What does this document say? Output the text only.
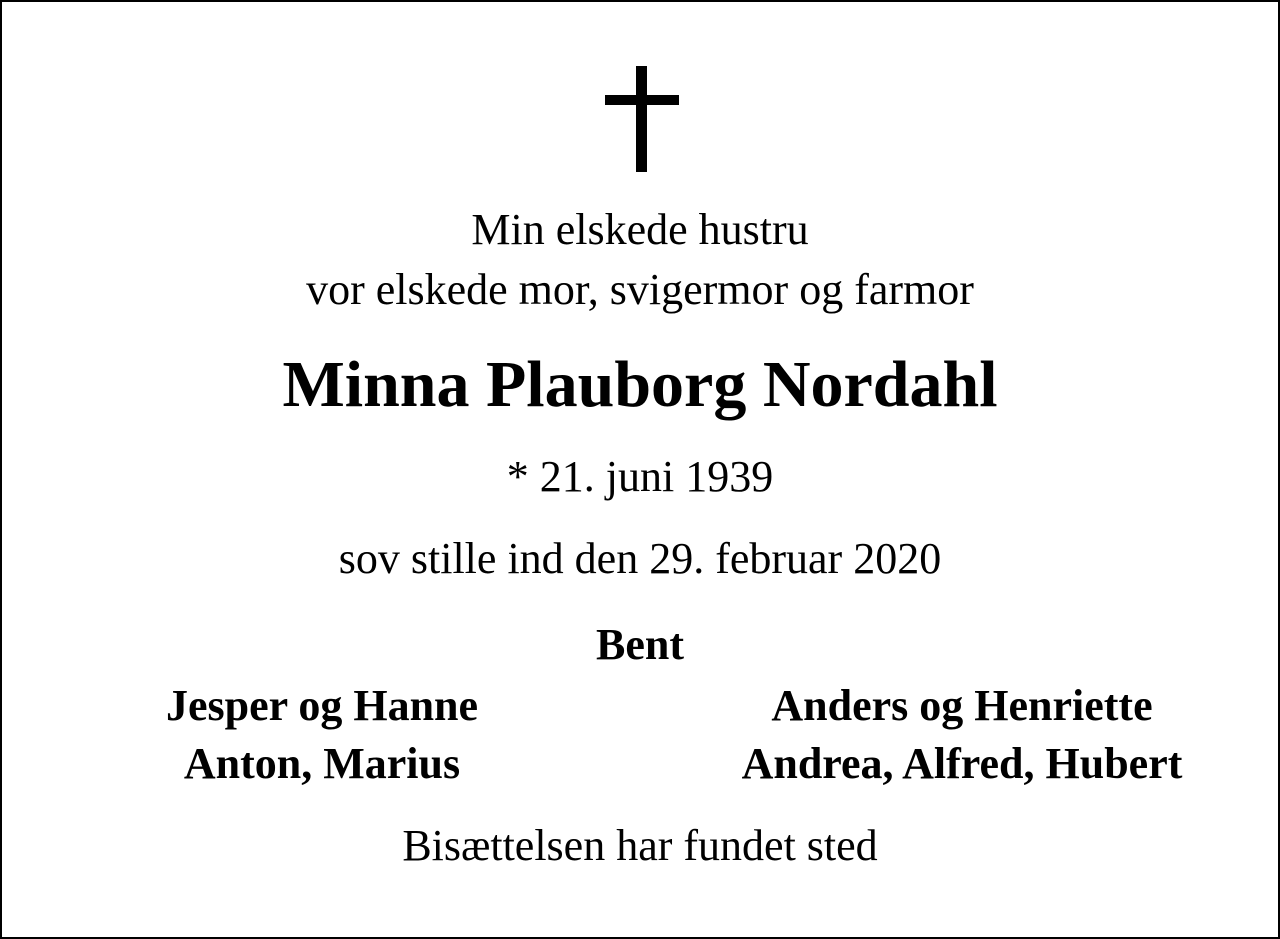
Min elskede hustru
vor elskede mor, svigermor og farmor
Minna Plauborg Nordahl
* 21. juni 1939
sov stille ind den 29. februar 2020
Bent
Jesper og Hanne
Anton, Marius
Anders og Henriette
Andrea, Alfred, Hubert
Bisættelsen har fundet sted
